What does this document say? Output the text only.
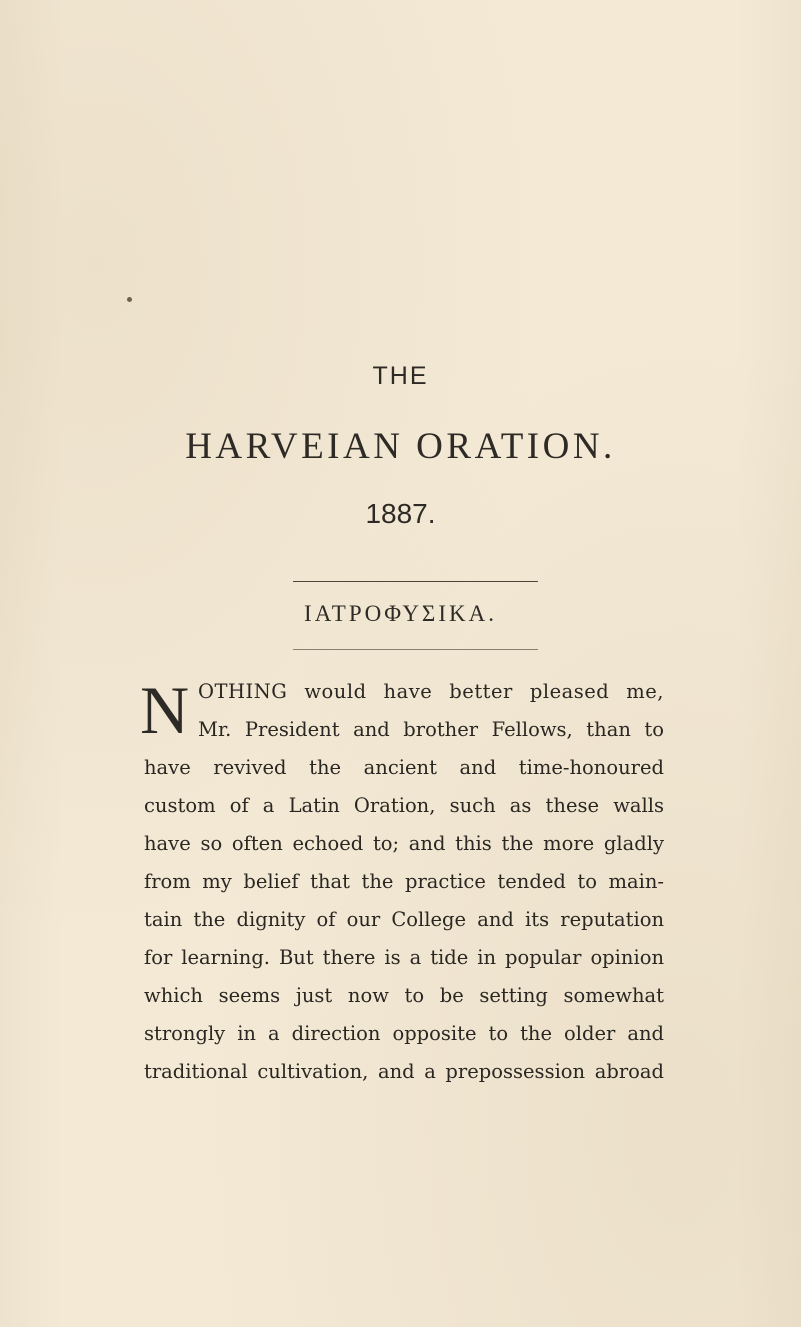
THE
HARVEIAN ORATION.
1887.
ΙΑΤΡΟΦΥΣΙΚΑ.
N OTHING would have better pleased me,
Mr. President and brother Fellows, than to
have revived the ancient and time-honoured
custom of a Latin Oration, such as these walls
have so often echoed to; and this the more gladly
from my belief that the practice tended to main-
tain the dignity of our College and its reputation
for learning. But there is a tide in popular opinion
which seems just now to be setting somewhat
strongly in a direction opposite to the older and
traditional cultivation, and a prepossession abroad
